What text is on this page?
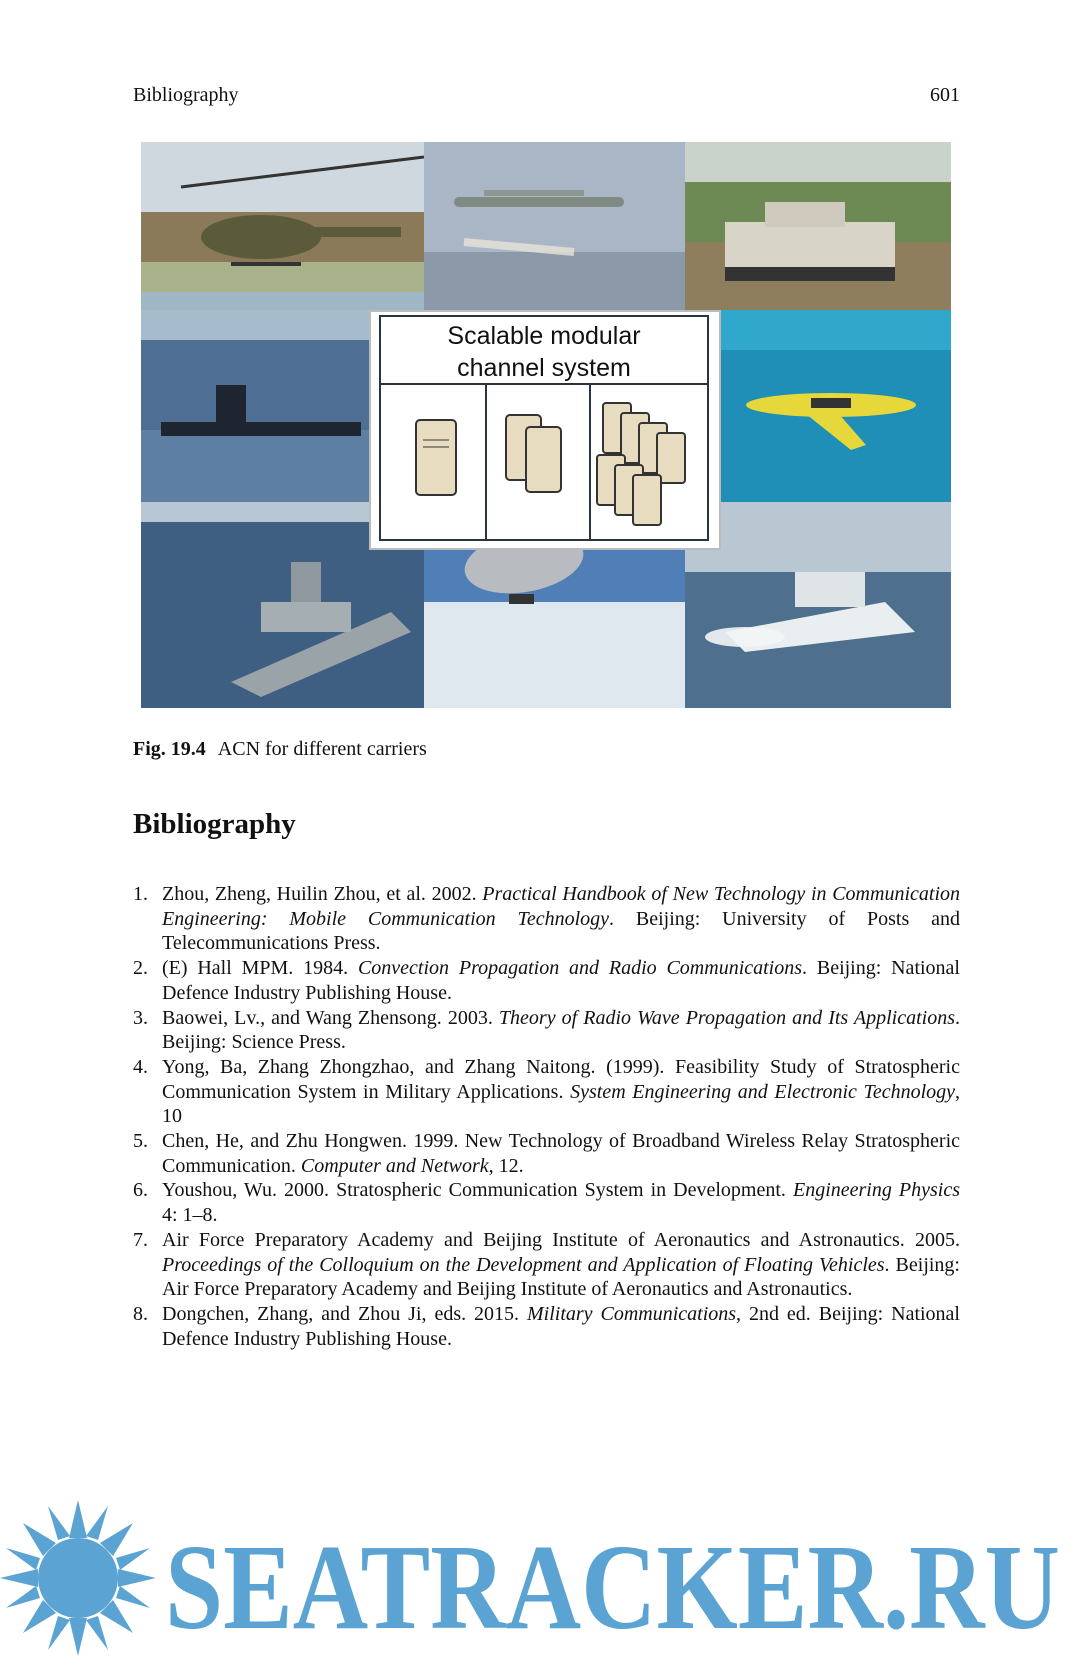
Bibliography	601
Scalable modular
channel system
Fig. 19.4 ACN for different carriers
Bibliography
1. Zhou, Zheng, Huilin Zhou, et al. 2002. Practical Handbook of New Technology in Communication Engineering: Mobile Communication Technology. Beijing: University of Posts and Telecommunications Press.
2. (E) Hall MPM. 1984. Convection Propagation and Radio Communications. Beijing: National Defence Industry Publishing House.
3. Baowei, Lv., and Wang Zhensong. 2003. Theory of Radio Wave Propagation and Its Applications. Beijing: Science Press.
4. Yong, Ba, Zhang Zhongzhao, and Zhang Naitong. (1999). Feasibility Study of Stratospheric Communication System in Military Applications. System Engineering and Electronic Technology, 10
5. Chen, He, and Zhu Hongwen. 1999. New Technology of Broadband Wireless Relay Stratospheric Communication. Computer and Network, 12.
6. Youshou, Wu. 2000. Stratospheric Communication System in Development. Engineering Physics 4: 1–8.
7. Air Force Preparatory Academy and Beijing Institute of Aeronautics and Astronautics. 2005. Proceedings of the Colloquium on the Development and Application of Floating Vehicles. Beijing: Air Force Preparatory Academy and Beijing Institute of Aeronautics and Astronautics.
8. Dongchen, Zhang, and Zhou Ji, eds. 2015. Military Communications, 2nd ed. Beijing: National Defence Industry Publishing House.
SEATRACKER.RU
